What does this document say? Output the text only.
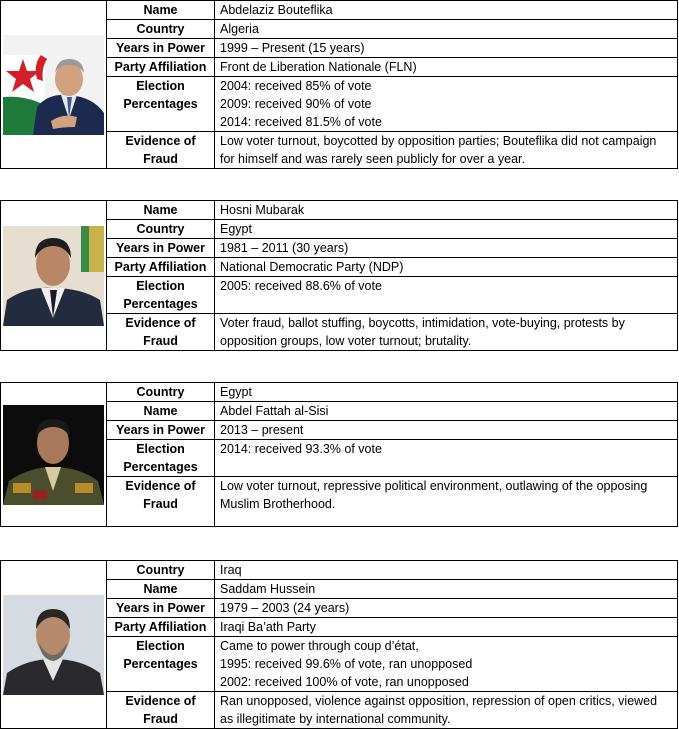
	Name	Abdelaziz Bouteflika
	Country	Algeria
	Years in Power	1999 – Present (15 years)
	Party Affiliation	Front de Liberation Nationale (FLN)
	Election
Percentages	2004: received 85% of vote
2009: received 90% of vote
2014: received 81.5% of vote
	Evidence of
Fraud	Low voter turnout, boycotted by opposition parties; Bouteflika did not campaign for himself and was rarely seen publicly for over a year.
	Name	Hosni Mubarak
	Country	Egypt
	Years in Power	1981 – 2011 (30 years)
	Party Affiliation	National Democratic Party (NDP)
	Election
Percentages	2005: received 88.6% of vote
	Evidence of
Fraud	Voter fraud, ballot stuffing, boycotts, intimidation, vote-buying, protests by opposition groups, low voter turnout; brutality.
	Country	Egypt
	Name	Abdel Fattah al-Sisi
	Years in Power	2013 – present
	Election
Percentages	2014: received 93.3% of vote
	Evidence of
Fraud	Low voter turnout, repressive political environment, outlawing of the opposing Muslim Brotherhood.
	Country	Iraq
	Name	Saddam Hussein
	Years in Power	1979 – 2003 (24 years)
	Party Affiliation	Iraqi Ba’ath Party
	Election
Percentages	Came to power through coup d’état,
1995: received 99.6% of vote, ran unopposed
2002: received 100% of vote, ran unopposed
	Evidence of
Fraud	Ran unopposed, violence against opposition, repression of open critics, viewed as illegitimate by international community.
